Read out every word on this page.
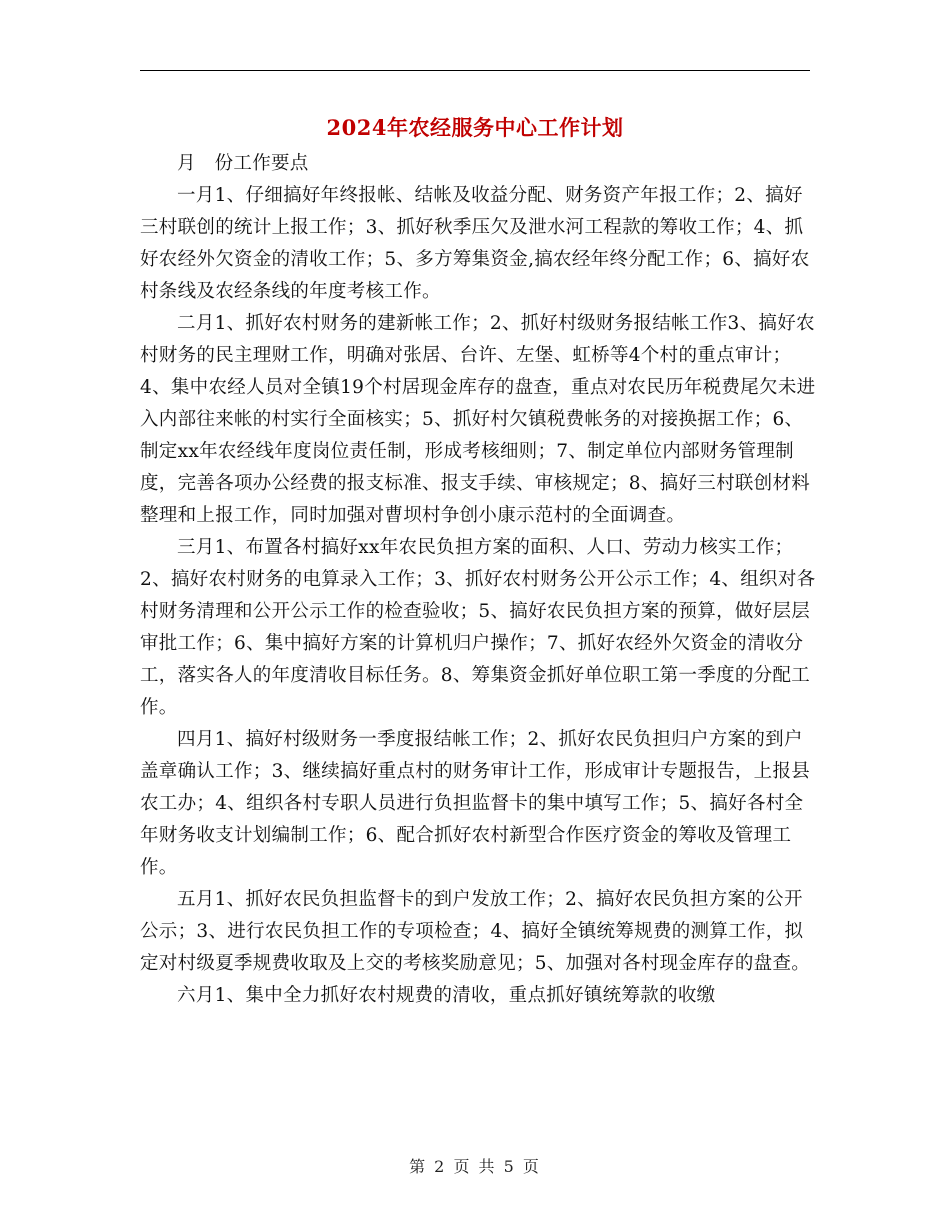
2024年农经服务中心工作计划

月　份工作要点

一月1、仔细搞好年终报帐、结帐及收益分配、财务资产年报工作；2、搞好三村联创的统计上报工作；3、抓好秋季压欠及泄水河工程款的筹收工作；4、抓好农经外欠资金的清收工作；5、多方筹集资金,搞农经年终分配工作；6、搞好农村条线及农经条线的年度考核工作。

二月1、抓好农村财务的建新帐工作；2、抓好村级财务报结帐工作3、搞好农村财务的民主理财工作，明确对张居、台许、左堡、虹桥等4个村的重点审计；4、集中农经人员对全镇19个村居现金库存的盘查，重点对农民历年税费尾欠未进入内部往来帐的村实行全面核实；5、抓好村欠镇税费帐务的对接换据工作；6、制定xx年农经线年度岗位责任制，形成考核细则；7、制定单位内部财务管理制度，完善各项办公经费的报支标准、报支手续、审核规定；8、搞好三村联创材料整理和上报工作，同时加强对曹坝村争创小康示范村的全面调查。

三月1、布置各村搞好xx年农民负担方案的面积、人口、劳动力核实工作；2、搞好农村财务的电算录入工作；3、抓好农村财务公开公示工作；4、组织对各村财务清理和公开公示工作的检查验收；5、搞好农民负担方案的预算，做好层层审批工作；6、集中搞好方案的计算机归户操作；7、抓好农经外欠资金的清收分工，落实各人的年度清收目标任务。8、筹集资金抓好单位职工第一季度的分配工作。

四月1、搞好村级财务一季度报结帐工作；2、抓好农民负担归户方案的到户盖章确认工作；3、继续搞好重点村的财务审计工作，形成审计专题报告，上报县农工办；4、组织各村专职人员进行负担监督卡的集中填写工作；5、搞好各村全年财务收支计划编制工作；6、配合抓好农村新型合作医疗资金的筹收及管理工作。

五月1、抓好农民负担监督卡的到户发放工作；2、搞好农民负担方案的公开公示；3、进行农民负担工作的专项检查；4、搞好全镇统筹规费的测算工作，拟定对村级夏季规费收取及上交的考核奖励意见；5、加强对各村现金库存的盘查。

六月1、集中全力抓好农村规费的清收，重点抓好镇统筹款的收缴

第 2 页 共 5 页
